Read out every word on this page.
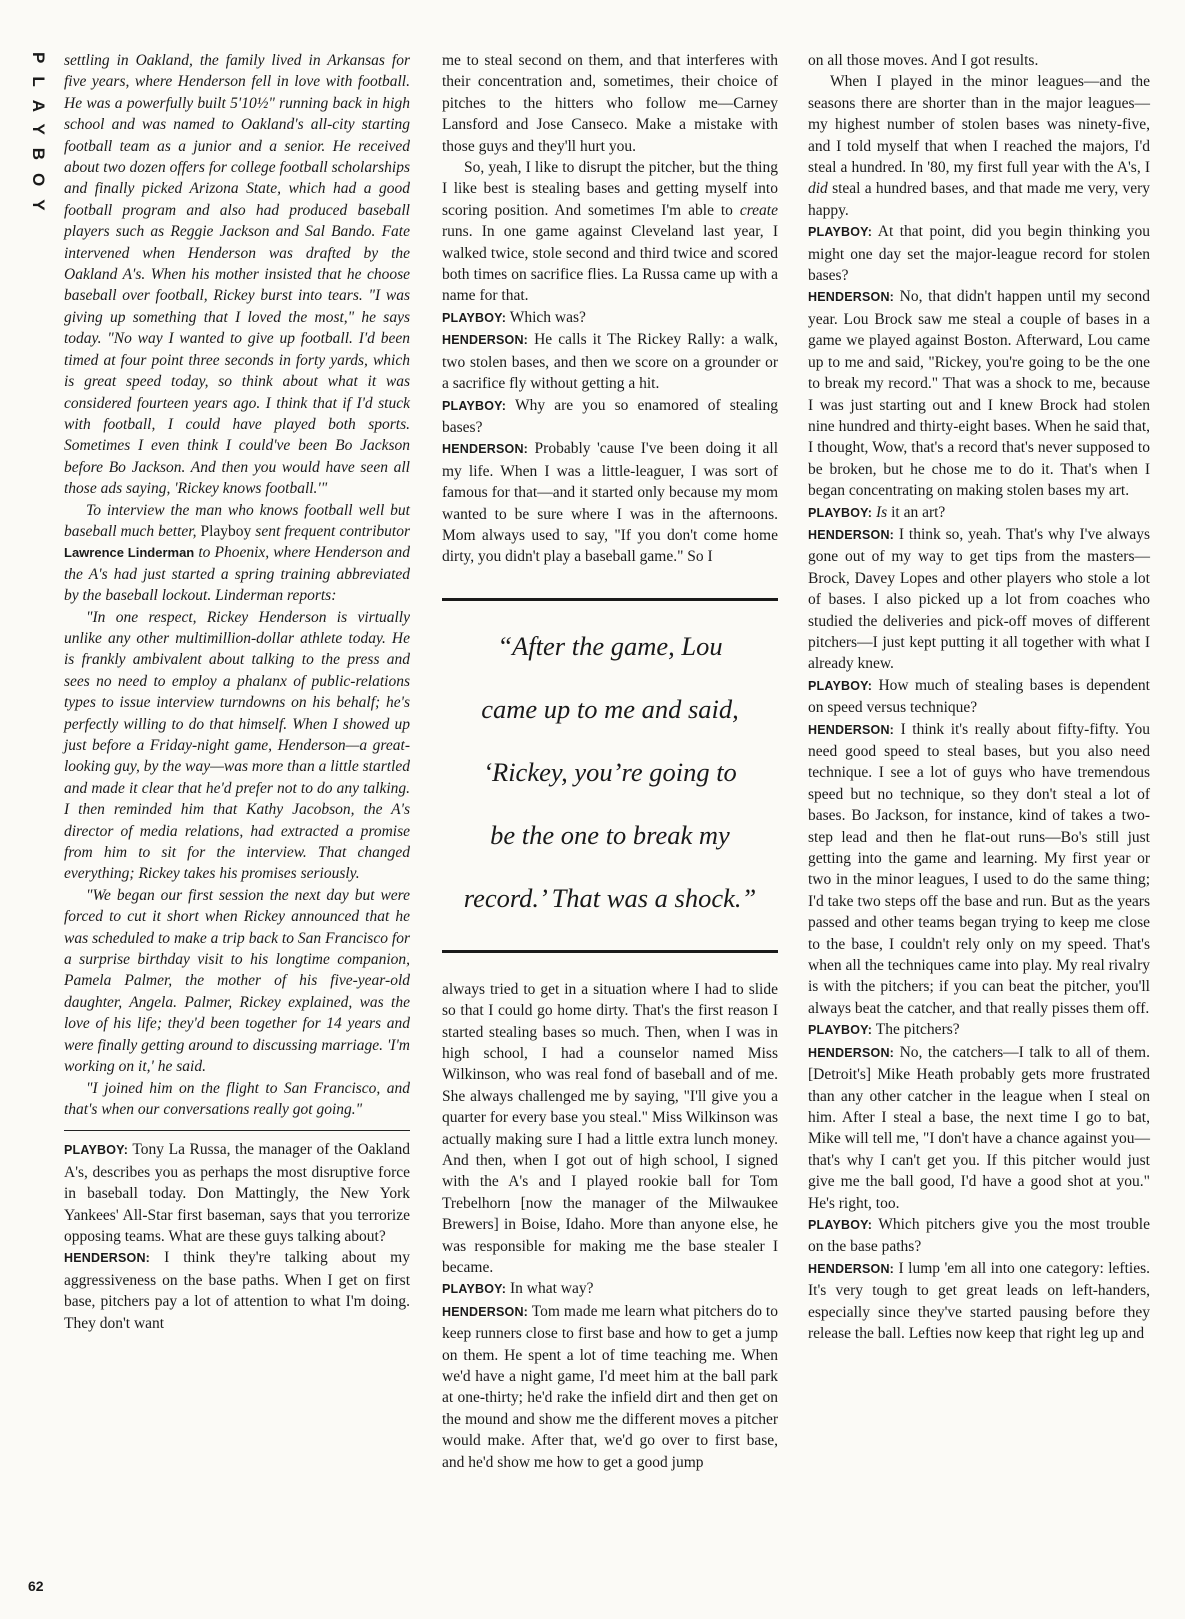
PLAYBOY
62

settling in Oakland, the family lived in Arkansas for five years, where Henderson fell in love with football. He was a powerfully built 5'10½" running back in high school and was named to Oakland's all-city starting football team as a junior and a senior. He received about two dozen offers for college football scholarships and finally picked Arizona State, which had a good football program and also had produced baseball players such as Reggie Jackson and Sal Bando. Fate intervened when Henderson was drafted by the Oakland A's. When his mother insisted that he choose baseball over football, Rickey burst into tears. "I was giving up something that I loved the most," he says today. "No way I wanted to give up football. I'd been timed at four point three seconds in forty yards, which is great speed today, so think about what it was considered fourteen years ago. I think that if I'd stuck with football, I could have played both sports. Sometimes I even think I could've been Bo Jackson before Bo Jackson. And then you would have seen all those ads saying, 'Rickey knows football.'"

To interview the man who knows football well but baseball much better, Playboy sent frequent contributor Lawrence Linderman to Phoenix, where Henderson and the A's had just started a spring training abbreviated by the baseball lockout. Linderman reports:

"In one respect, Rickey Henderson is virtually unlike any other multimillion-dollar athlete today. He is frankly ambivalent about talking to the press and sees no need to employ a phalanx of public-relations types to issue interview turndowns on his behalf; he's perfectly willing to do that himself. When I showed up just before a Friday-night game, Henderson—a great-looking guy, by the way—was more than a little startled and made it clear that he'd prefer not to do any talking. I then reminded him that Kathy Jacobson, the A's director of media relations, had extracted a promise from him to sit for the interview. That changed everything; Rickey takes his promises seriously.

"We began our first session the next day but were forced to cut it short when Rickey announced that he was scheduled to make a trip back to San Francisco for a surprise birthday visit to his longtime companion, Pamela Palmer, the mother of his five-year-old daughter, Angela. Palmer, Rickey explained, was the love of his life; they'd been together for 14 years and were finally getting around to discussing marriage. 'I'm working on it,' he said.

"I joined him on the flight to San Francisco, and that's when our conversations really got going."

PLAYBOY: Tony La Russa, the manager of the Oakland A's, describes you as perhaps the most disruptive force in baseball today. Don Mattingly, the New York Yankees' All-Star first baseman, says that you terrorize opposing teams. What are these guys talking about?

HENDERSON: I think they're talking about my aggressiveness on the base paths. When I get on first base, pitchers pay a lot of attention to what I'm doing. They don't want

me to steal second on them, and that interferes with their concentration and, sometimes, their choice of pitches to the hitters who follow me—Carney Lansford and Jose Canseco. Make a mistake with those guys and they'll hurt you.

So, yeah, I like to disrupt the pitcher, but the thing I like best is stealing bases and getting myself into scoring position. And sometimes I'm able to create runs. In one game against Cleveland last year, I walked twice, stole second and third twice and scored both times on sacrifice flies. La Russa came up with a name for that.

PLAYBOY: Which was?

HENDERSON: He calls it The Rickey Rally: a walk, two stolen bases, and then we score on a grounder or a sacrifice fly without getting a hit.

PLAYBOY: Why are you so enamored of stealing bases?

HENDERSON: Probably 'cause I've been doing it all my life. When I was a little-leaguer, I was sort of famous for that—and it started only because my mom wanted to be sure where I was in the afternoons. Mom always used to say, "If you don't come home dirty, you didn't play a baseball game." So I

“After the game, Lou
came up to me and said,
‘Rickey, you’re going to
be the one to break my
record.’ That was a shock.”

always tried to get in a situation where I had to slide so that I could go home dirty. That's the first reason I started stealing bases so much. Then, when I was in high school, I had a counselor named Miss Wilkinson, who was real fond of baseball and of me. She always challenged me by saying, "I'll give you a quarter for every base you steal." Miss Wilkinson was actually making sure I had a little extra lunch money. And then, when I got out of high school, I signed with the A's and I played rookie ball for Tom Trebelhorn [now the manager of the Milwaukee Brewers] in Boise, Idaho. More than anyone else, he was responsible for making me the base stealer I became.

PLAYBOY: In what way?

HENDERSON: Tom made me learn what pitchers do to keep runners close to first base and how to get a jump on them. He spent a lot of time teaching me. When we'd have a night game, I'd meet him at the ball park at one-thirty; he'd rake the infield dirt and then get on the mound and show me the different moves a pitcher would make. After that, we'd go over to first base, and he'd show me how to get a good jump

on all those moves. And I got results.

When I played in the minor leagues—and the seasons there are shorter than in the major leagues—my highest number of stolen bases was ninety-five, and I told myself that when I reached the majors, I'd steal a hundred. In '80, my first full year with the A's, I did steal a hundred bases, and that made me very, very happy.

PLAYBOY: At that point, did you begin thinking you might one day set the major-league record for stolen bases?

HENDERSON: No, that didn't happen until my second year. Lou Brock saw me steal a couple of bases in a game we played against Boston. Afterward, Lou came up to me and said, "Rickey, you're going to be the one to break my record." That was a shock to me, because I was just starting out and I knew Brock had stolen nine hundred and thirty-eight bases. When he said that, I thought, Wow, that's a record that's never supposed to be broken, but he chose me to do it. That's when I began concentrating on making stolen bases my art.

PLAYBOY: Is it an art?

HENDERSON: I think so, yeah. That's why I've always gone out of my way to get tips from the masters—Brock, Davey Lopes and other players who stole a lot of bases. I also picked up a lot from coaches who studied the deliveries and pick-off moves of different pitchers—I just kept putting it all together with what I already knew.

PLAYBOY: How much of stealing bases is dependent on speed versus technique?

HENDERSON: I think it's really about fifty-fifty. You need good speed to steal bases, but you also need technique. I see a lot of guys who have tremendous speed but no technique, so they don't steal a lot of bases. Bo Jackson, for instance, kind of takes a two-step lead and then he flat-out runs—Bo's still just getting into the game and learning. My first year or two in the minor leagues, I used to do the same thing; I'd take two steps off the base and run. But as the years passed and other teams began trying to keep me close to the base, I couldn't rely only on my speed. That's when all the techniques came into play. My real rivalry is with the pitchers; if you can beat the pitcher, you'll always beat the catcher, and that really pisses them off.

PLAYBOY: The pitchers?

HENDERSON: No, the catchers—I talk to all of them. [Detroit's] Mike Heath probably gets more frustrated than any other catcher in the league when I steal on him. After I steal a base, the next time I go to bat, Mike will tell me, "I don't have a chance against you—that's why I can't get you. If this pitcher would just give me the ball good, I'd have a good shot at you." He's right, too.

PLAYBOY: Which pitchers give you the most trouble on the base paths?

HENDERSON: I lump 'em all into one category: lefties. It's very tough to get great leads on left-handers, especially since they've started pausing before they release the ball. Lefties now keep that right leg up and
